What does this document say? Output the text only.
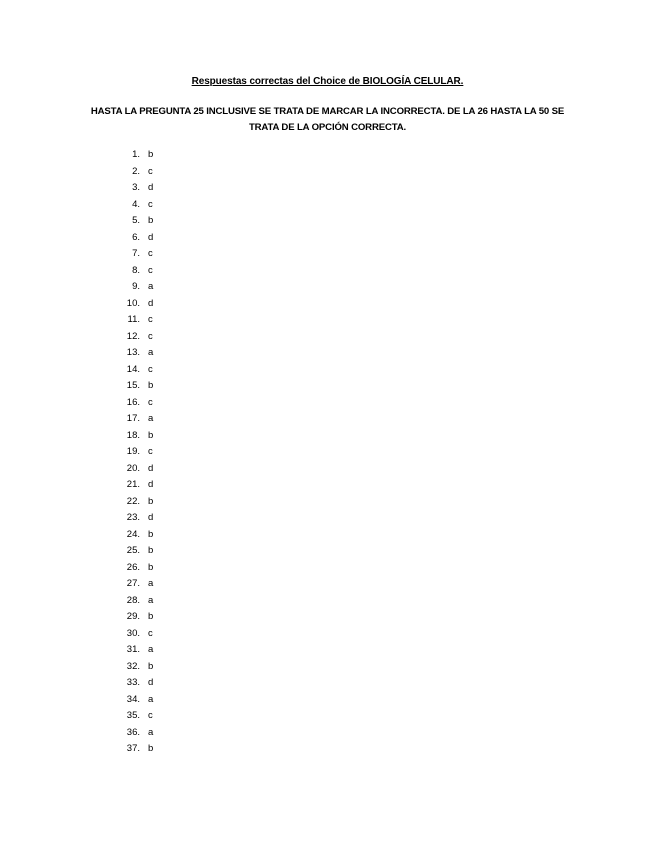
Respuestas correctas del Choice de BIOLOGÍA CELULAR.
HASTA LA PREGUNTA 25 INCLUSIVE SE TRATA DE MARCAR LA INCORRECTA. DE LA 26 HASTA LA 50 SE TRATA DE LA OPCIÓN CORRECTA.
1. b
2. c
3. d
4. c
5. b
6. d
7. c
8. c
9. a
10. d
11. c
12. c
13. a
14. c
15. b
16. c
17. a
18. b
19. c
20. d
21. d
22. b
23. d
24. b
25. b
26. b
27. a
28. a
29. b
30. c
31. a
32. b
33. d
34. a
35. c
36. a
37. b
